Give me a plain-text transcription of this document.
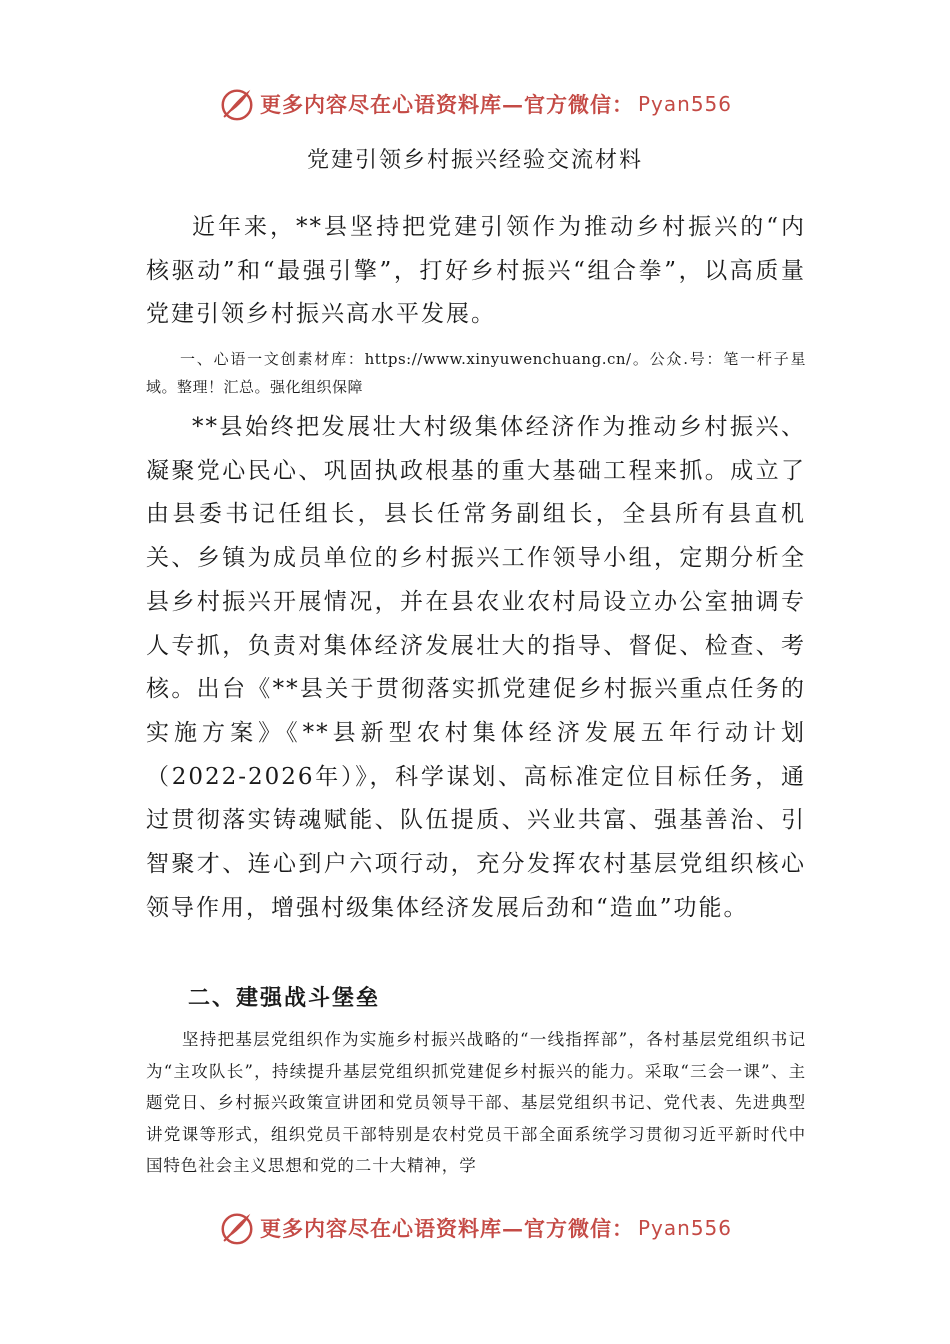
更多内容尽在心语资料库—官方微信： Pyan556
党建引领乡村振兴经验交流材料

近年来，**县坚持把党建引领作为推动乡村振兴的“内核驱动”和“最强引擎”，打好乡村振兴“组合拳”，以高质量党建引领乡村振兴高水平发展。

一、心语一文创素材库：https://www.xinyuwenchuang.cn/。公众.号：笔一杆子星域。整理！汇总。强化组织保障

**县始终把发展壮大村级集体经济作为推动乡村振兴、凝聚党心民心、巩固执政根基的重大基础工程来抓。成立了由县委书记任组长，县长任常务副组长，全县所有县直机关、乡镇为成员单位的乡村振兴工作领导小组，定期分析全县乡村振兴开展情况，并在县农业农村局设立办公室抽调专人专抓，负责对集体经济发展壮大的指导、督促、检查、考核。出台《**县关于贯彻落实抓党建促乡村振兴重点任务的实施方案》《**县新型农村集体经济发展五年行动计划（2022-2026年）》，科学谋划、高标准定位目标任务，通过贯彻落实铸魂赋能、队伍提质、兴业共富、强基善治、引智聚才、连心到户六项行动，充分发挥农村基层党组织核心领导作用，增强村级集体经济发展后劲和“造血”功能。

二、建强战斗堡垒

坚持把基层党组织作为实施乡村振兴战略的“一线指挥部”，各村基层党组织书记为“主攻队长”，持续提升基层党组织抓党建促乡村振兴的能力。采取“三会一课”、主题党日、乡村振兴政策宣讲团和党员领导干部、基层党组织书记、党代表、先进典型讲党课等形式，组织党员干部特别是农村党员干部全面系统学习贯彻习近平新时代中国特色社会主义思想和党的二十大精神，学

更多内容尽在心语资料库—官方微信： Pyan556
